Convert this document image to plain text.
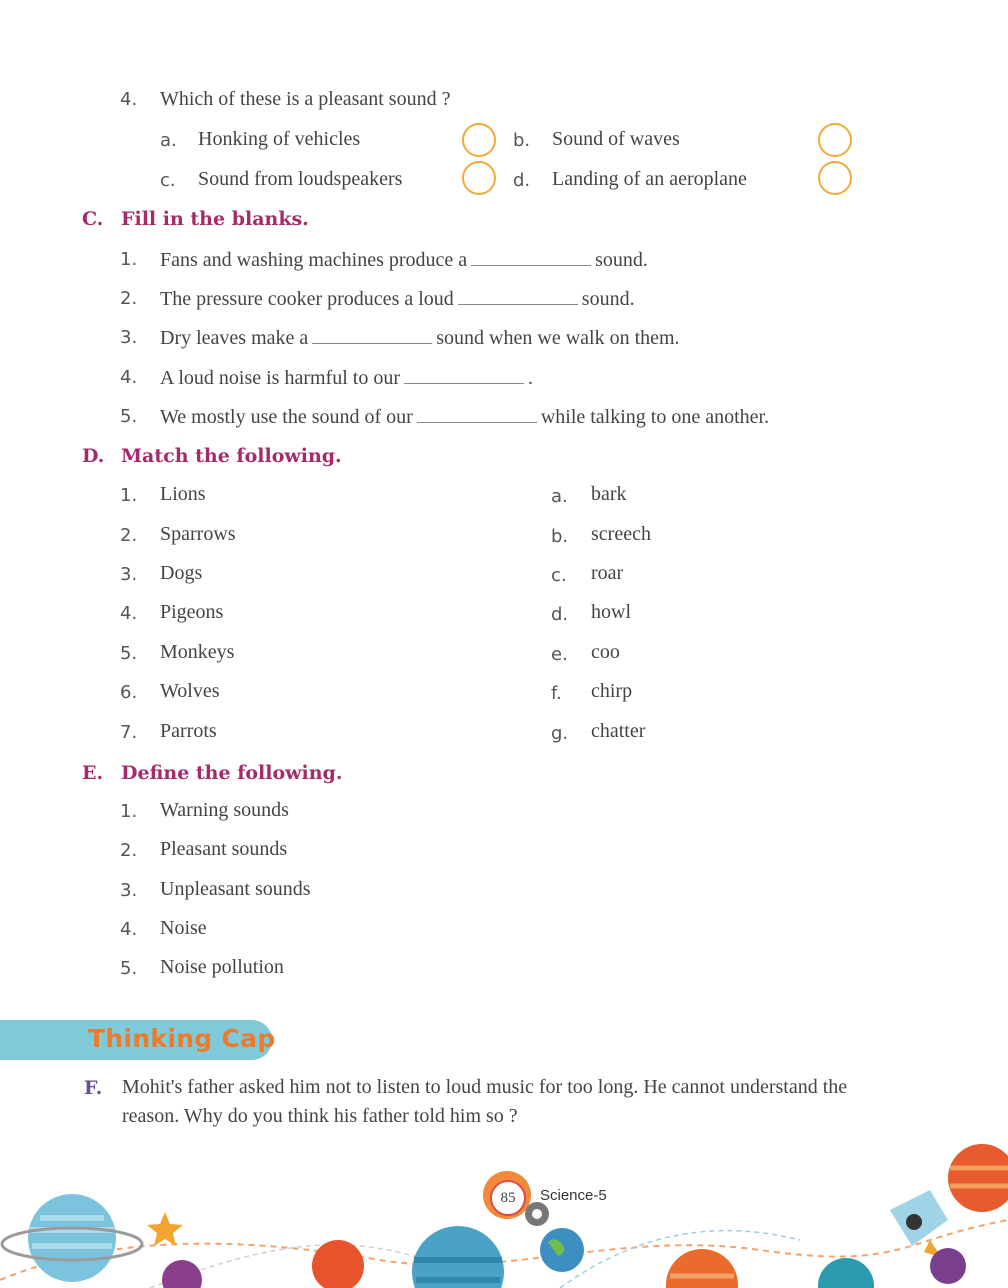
4. Which of these is a pleasant sound ?
a. Honking of vehicles	b. Sound of waves
c. Sound from loudspeakers	d. Landing of an aeroplane
C. Fill in the blanks.
1. Fans and washing machines produce a	sound.
2. The pressure cooker produces a loud	sound.
3. Dry leaves make a	sound when we walk on them.
4. A loud noise is harmful to our	.
5. We mostly use the sound of our	while talking to one another.
D. Match the following.
1. Lions	a. bark
2. Sparrows	b. screech
3. Dogs	c. roar
4. Pigeons	d. howl
5. Monkeys	e. coo
6. Wolves	f. chirp
7. Parrots	g. chatter
E. Define the following.
1. Warning sounds
2. Pleasant sounds
3. Unpleasant sounds
4. Noise
5. Noise pollution
Thinking Cap
F. Mohit's father asked him not to listen to loud music for too long. He cannot understand the
reason. Why do you think his father told him so ?
85 Science-5
